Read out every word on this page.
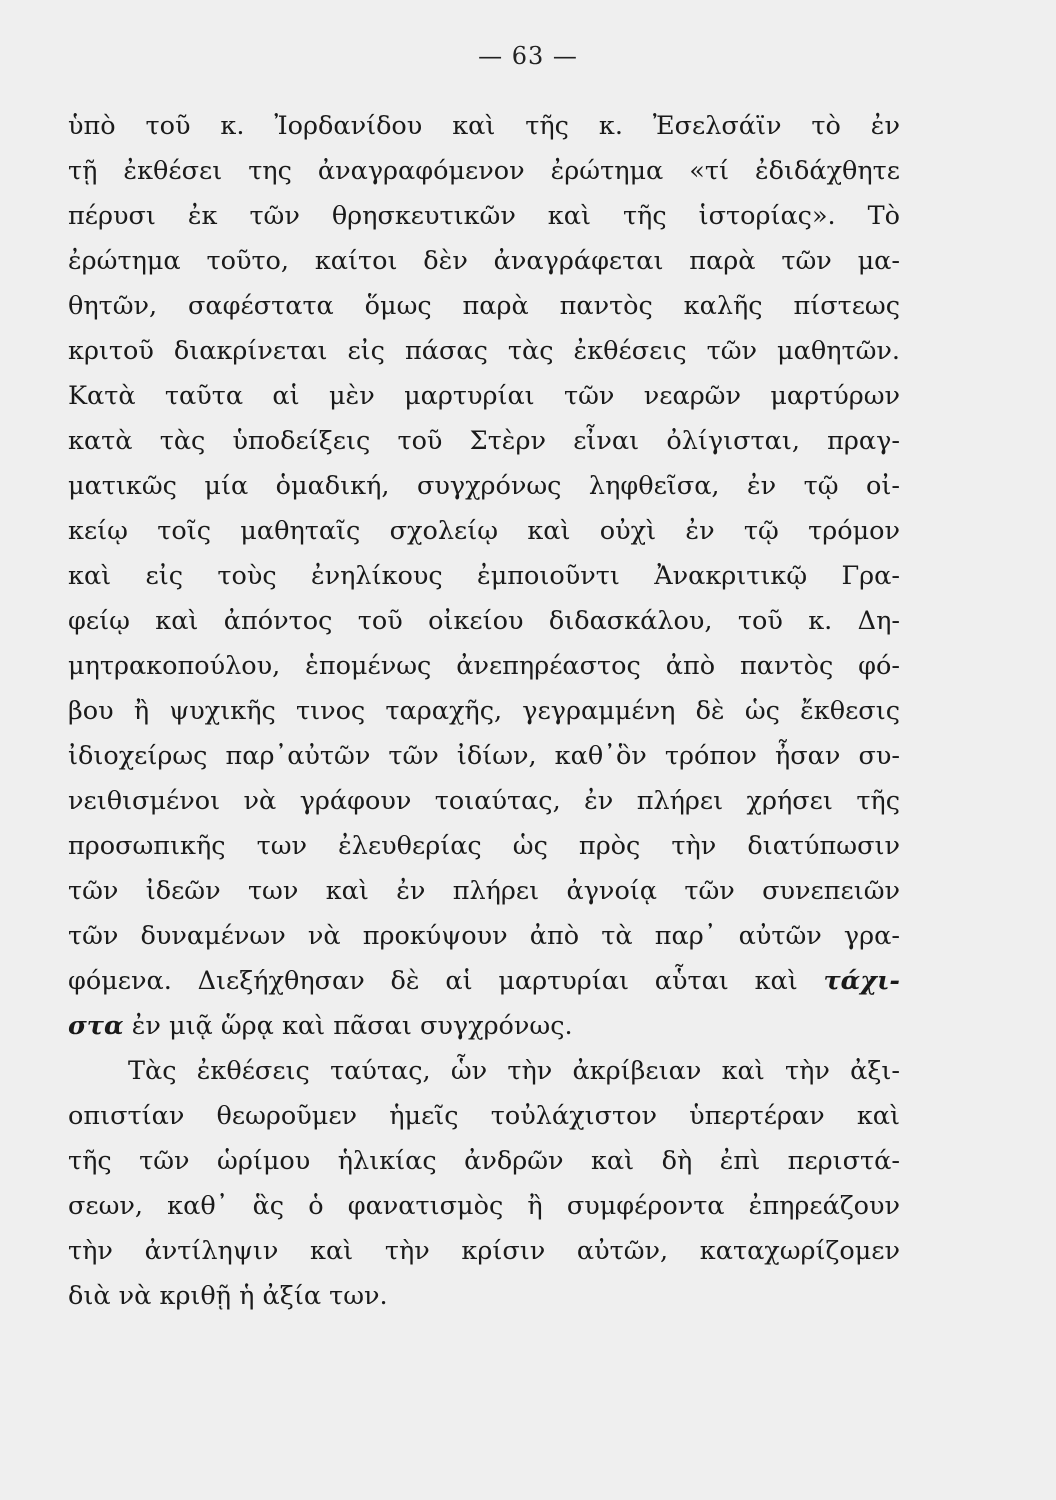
— 63 —
ὑπὸ τοῦ κ. Ἰορδανίδου καὶ τῆς κ. Ἐσελσάϊν τὸ ἐν
τῇ ἐκθέσει της ἀναγραφόμενον ἐρώτημα «τί ἐδιδάχθητε
πέρυσι ἐκ τῶν θρησκευτικῶν καὶ τῆς ἱστορίας». Τὸ
ἐρώτημα τοῦτο, καίτοι δὲν ἀναγράφεται παρὰ τῶν μα-
θητῶν, σαφέστατα ὅμως παρὰ παντὸς καλῆς πίστεως
κριτοῦ διακρίνεται εἰς πάσας τὰς ἐκθέσεις τῶν μαθητῶν.
Κατὰ ταῦτα αἱ μὲν μαρτυρίαι τῶν νεαρῶν μαρτύρων
κατὰ τὰς ὑποδείξεις τοῦ Στὲρν εἶναι ὀλίγισται, πραγ-
ματικῶς μία ὁμαδική, συγχρόνως ληφθεῖσα, ἐν τῷ οἰ-
κείῳ τοῖς μαθηταῖς σχολείῳ καὶ οὐχὶ ἐν τῷ τρόμον
καὶ εἰς τοὺς ἐνηλίκους ἐμποιοῦντι Ἀνακριτικῷ Γρα-
φείῳ καὶ ἀπόντος τοῦ οἰκείου διδασκάλου, τοῦ κ. Δη-
μητρακοπούλου, ἑπομένως ἀνεπηρέαστος ἀπὸ παντὸς φό-
βου ἢ ψυχικῆς τινος ταραχῆς, γεγραμμένη δὲ ὡς ἔκθεσις
ἰδιοχείρως παρ᾽αὐτῶν τῶν ἰδίων, καθ᾽ὃν τρόπον ἦσαν συ-
νειθισμένοι νὰ γράφουν τοιαύτας, ἐν πλήρει χρήσει τῆς
προσωπικῆς των ἐλευθερίας ὡς πρὸς τὴν διατύπωσιν
τῶν ἰδεῶν των καὶ ἐν πλήρει ἀγνοίᾳ τῶν συνεπειῶν
τῶν δυναμένων νὰ προκύψουν ἀπὸ τὰ παρ᾽ αὐτῶν γρα-
φόμενα. Διεξήχθησαν δὲ αἱ μαρτυρίαι αὗται καὶ τάχι-
στα ἐν μιᾷ ὥρᾳ καὶ πᾶσαι συγχρόνως.
Τὰς ἐκθέσεις ταύτας, ὧν τὴν ἀκρίβειαν καὶ τὴν ἀξι-
οπιστίαν θεωροῦμεν ἡμεῖς τοὐλάχιστον ὑπερτέραν καὶ
τῆς τῶν ὡρίμου ἡλικίας ἀνδρῶν καὶ δὴ ἐπὶ περιστά-
σεων, καθ᾽ ἃς ὁ φανατισμὸς ἢ συμφέροντα ἐπηρεάζουν
τὴν ἀντίληψιν καὶ τὴν κρίσιν αὐτῶν, καταχωρίζομεν
διὰ νὰ κριθῇ ἡ ἀξία των.
